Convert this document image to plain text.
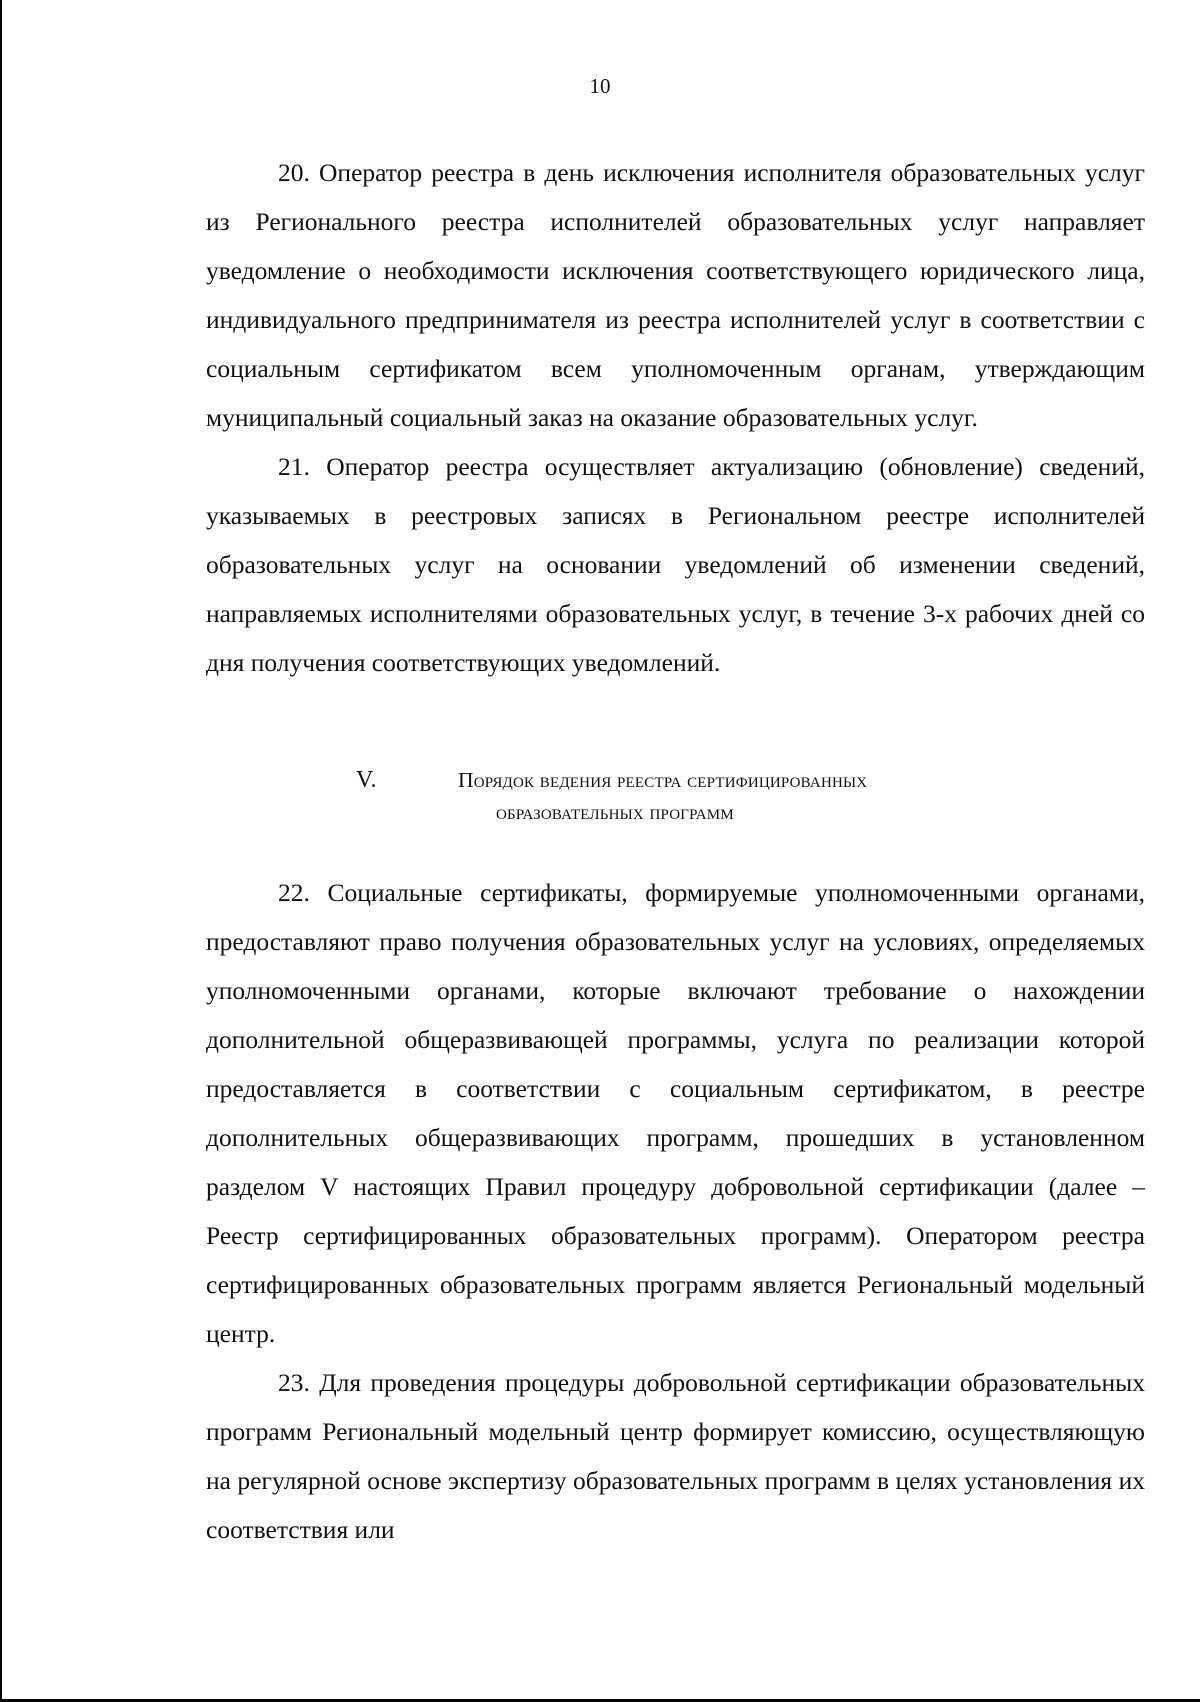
10

20. Оператор реестра в день исключения исполнителя образовательных услуг из Регионального реестра исполнителей образовательных услуг направляет уведомление о необходимости исключения соответствующего юридического лица, индивидуального предпринимателя из реестра исполнителей услуг в соответствии с социальным сертификатом всем уполномоченным органам, утверждающим муниципальный социальный заказ на оказание образовательных услуг.

21. Оператор реестра осуществляет актуализацию (обновление) сведений, указываемых в реестровых записях в Региональном реестре исполнителей образовательных услуг на основании уведомлений об изменении сведений, направляемых исполнителями образовательных услуг, в течение 3-х рабочих дней со дня получения соответствующих уведомлений.

V.	Порядок ведения реестра сертифицированных
образовательных программ

22. Социальные сертификаты, формируемые уполномоченными органами, предоставляют право получения образовательных услуг на условиях, определяемых уполномоченными органами, которые включают требование о нахождении дополнительной общеразвивающей программы, услуга по реализации которой предоставляется в соответствии с социальным сертификатом, в реестре дополнительных общеразвивающих программ, прошедших в установленном разделом V настоящих Правил процедуру добровольной сертификации (далее – Реестр сертифицированных образовательных программ). Оператором реестра сертифицированных образовательных программ является Региональный модельный центр.

23. Для проведения процедуры добровольной сертификации образовательных программ Региональный модельный центр формирует комиссию, осуществляющую на регулярной основе экспертизу образовательных программ в целях установления их соответствия или
